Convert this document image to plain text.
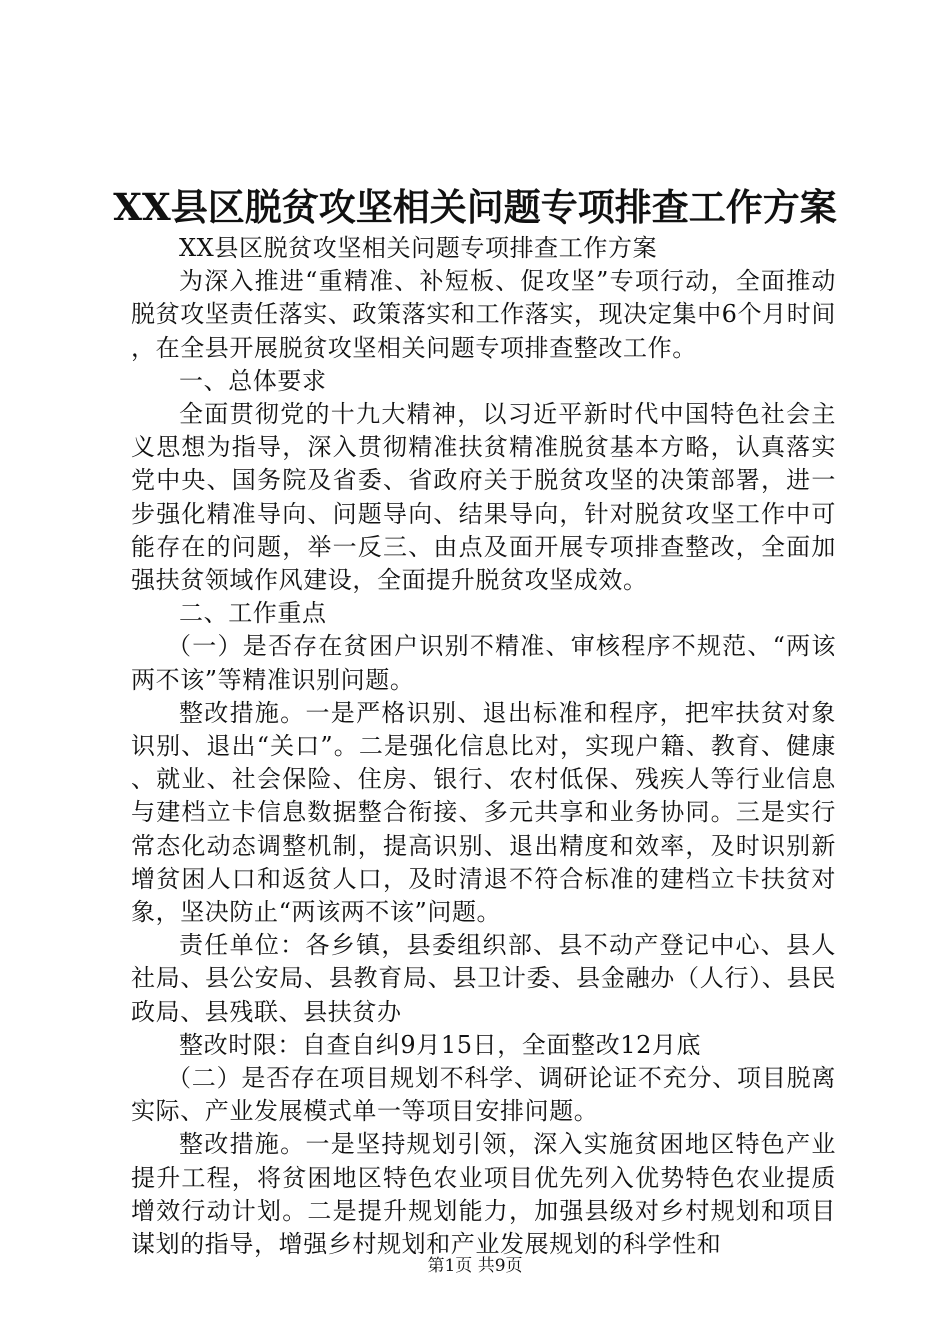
XX县区脱贫攻坚相关问题专项排查工作方案

XX县区脱贫攻坚相关问题专项排查工作方案

为深入推进“重精准、补短板、促攻坚”专项行动，全面推动脱贫攻坚责任落实、政策落实和工作落实，现决定集中6个月时间，在全县开展脱贫攻坚相关问题专项排查整改工作。

一、总体要求

全面贯彻党的十九大精神，以习近平新时代中国特色社会主义思想为指导，深入贯彻精准扶贫精准脱贫基本方略，认真落实党中央、国务院及省委、省政府关于脱贫攻坚的决策部署，进一步强化精准导向、问题导向、结果导向，针对脱贫攻坚工作中可能存在的问题，举一反三、由点及面开展专项排查整改，全面加强扶贫领域作风建设，全面提升脱贫攻坚成效。

二、工作重点

（一）是否存在贫困户识别不精准、审核程序不规范、“两该两不该”等精准识别问题。

整改措施。一是严格识别、退出标准和程序，把牢扶贫对象识别、退出“关口”。二是强化信息比对，实现户籍、教育、健康、就业、社会保险、住房、银行、农村低保、残疾人等行业信息与建档立卡信息数据整合衔接、多元共享和业务协同。三是实行常态化动态调整机制，提高识别、退出精度和效率，及时识别新增贫困人口和返贫人口，及时清退不符合标准的建档立卡扶贫对象，坚决防止“两该两不该”问题。

责任单位：各乡镇，县委组织部、县不动产登记中心、县人社局、县公安局、县教育局、县卫计委、县金融办（人行）、县民政局、县残联、县扶贫办

整改时限：自查自纠9月15日，全面整改12月底

（二）是否存在项目规划不科学、调研论证不充分、项目脱离实际、产业发展模式单一等项目安排问题。

整改措施。一是坚持规划引领，深入实施贫困地区特色产业提升工程，将贫困地区特色农业项目优先列入优势特色农业提质增效行动计划。二是提升规划能力，加强县级对乡村规划和项目谋划的指导，增强乡村规划和产业发展规划的科学性和

第1页 共9页
